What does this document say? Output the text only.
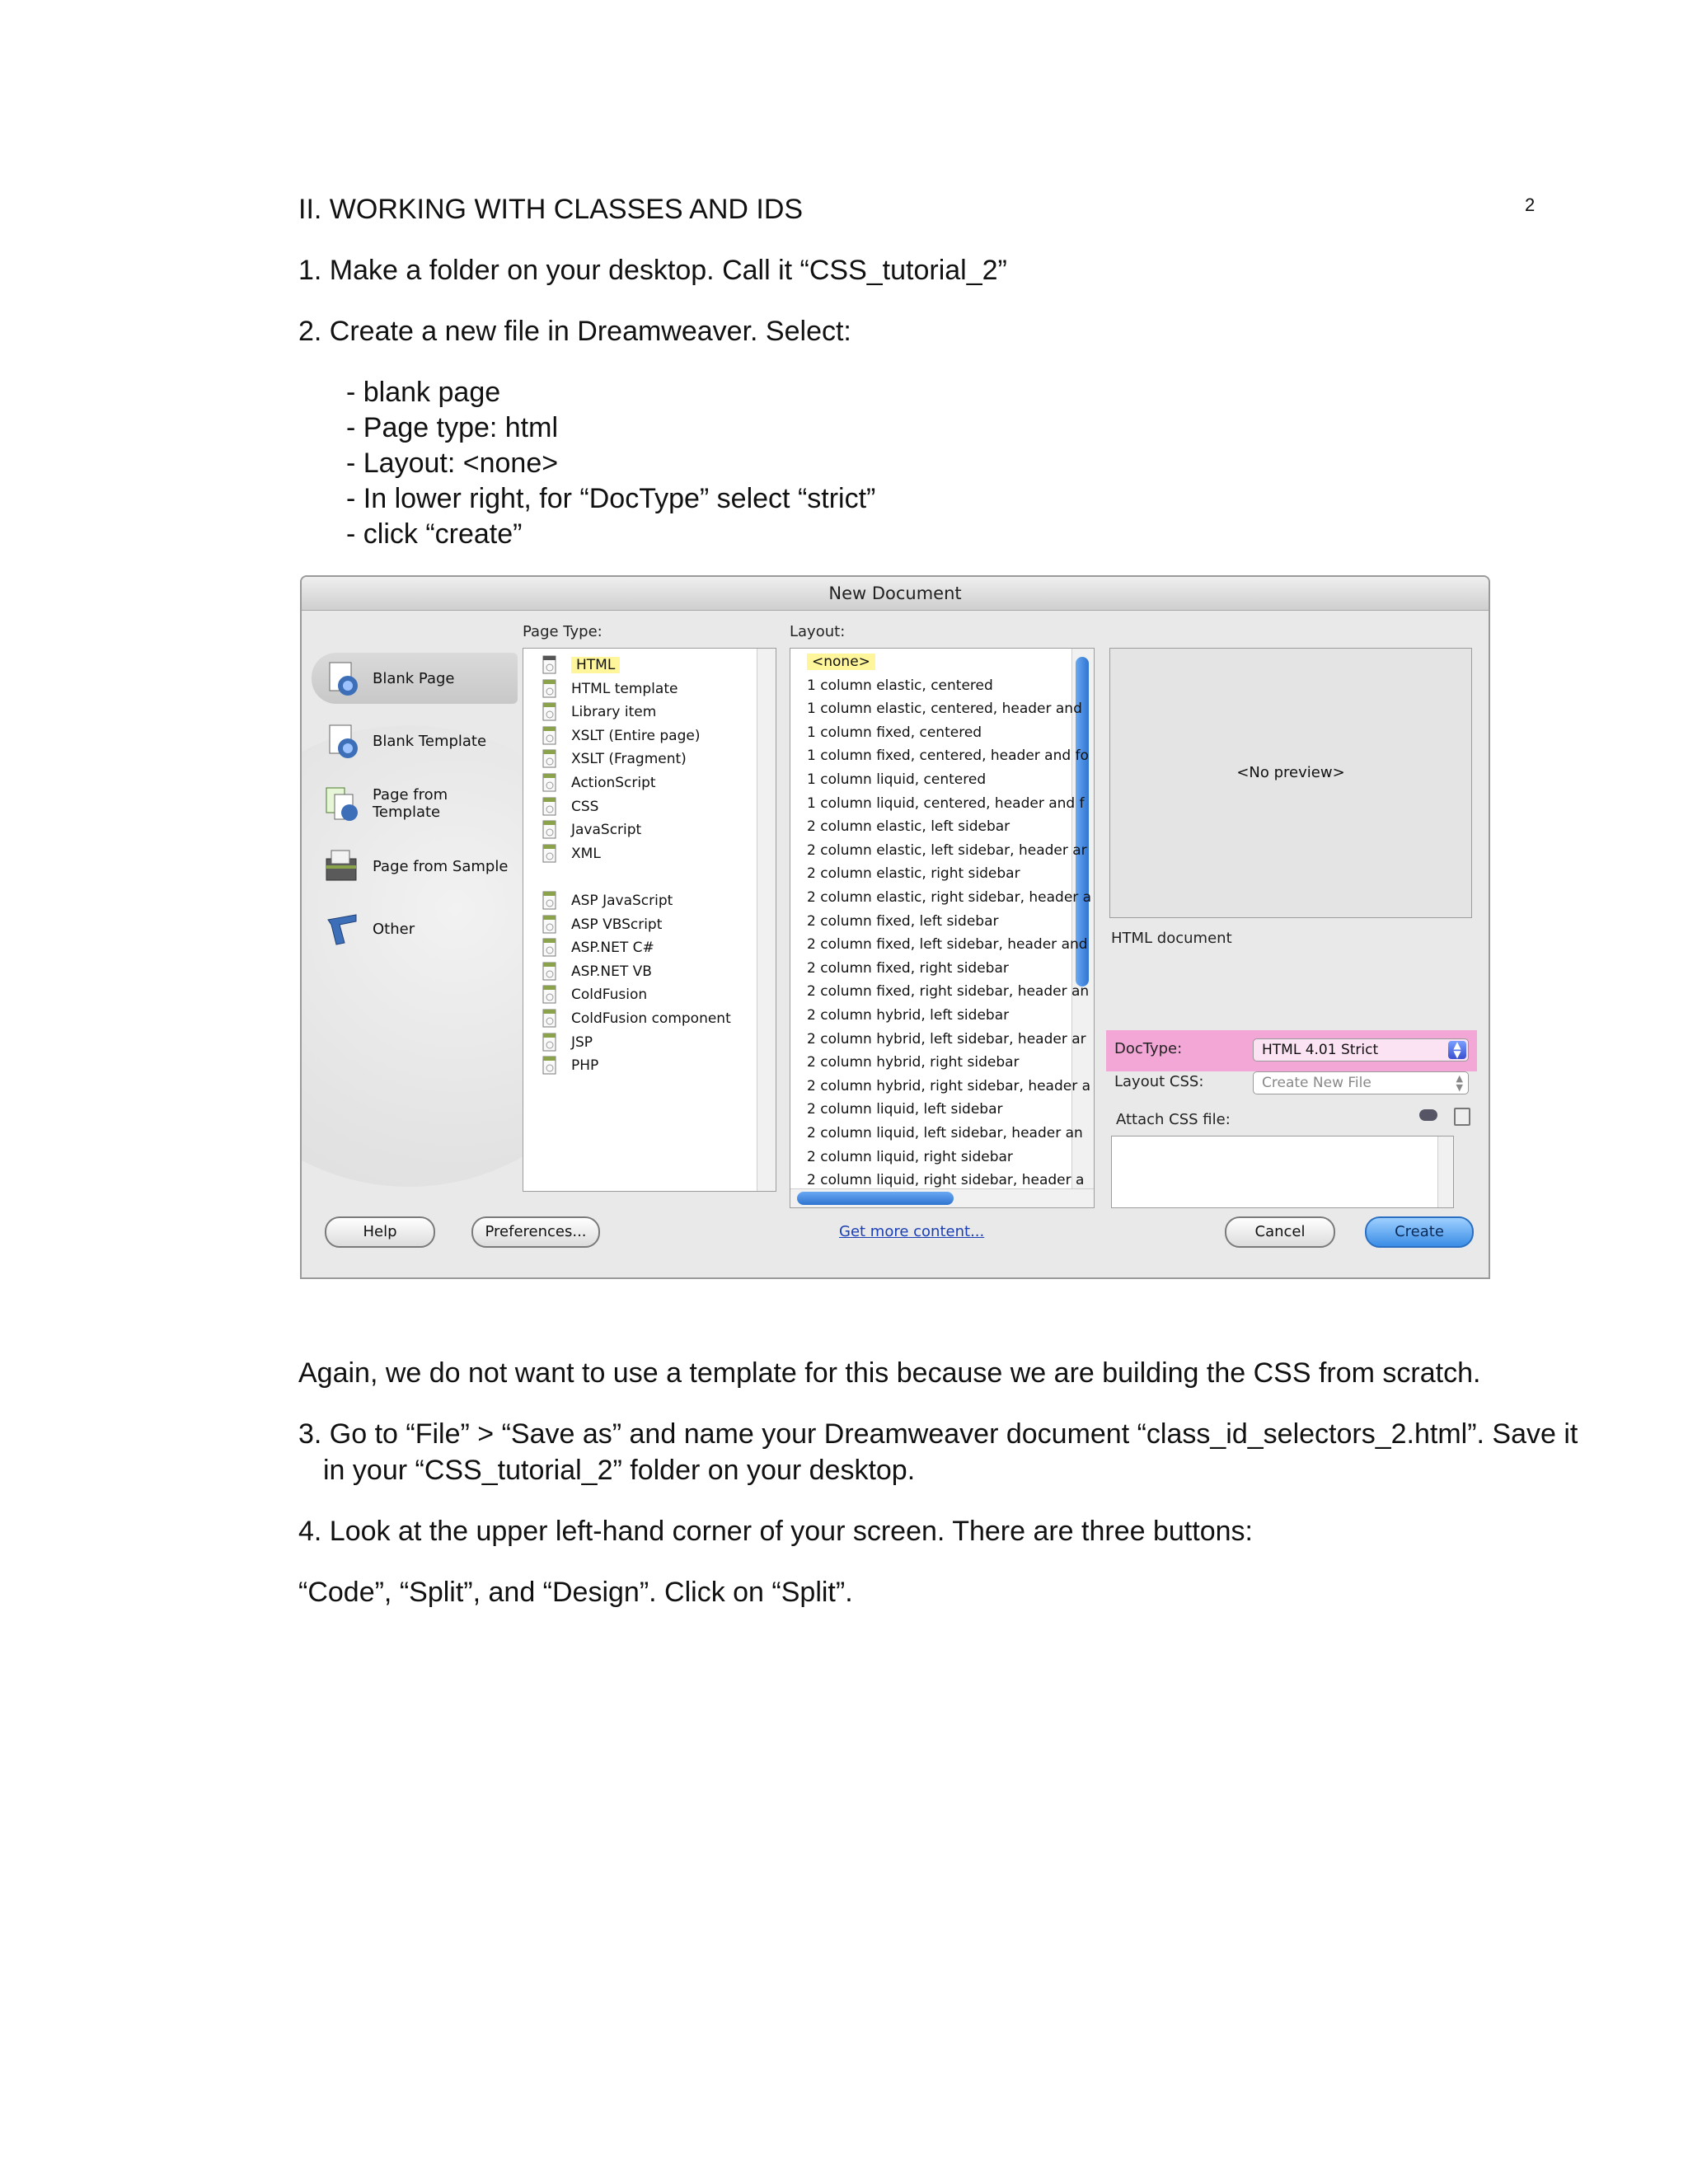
II. WORKING WITH CLASSES AND IDS	2
1. Make a folder on your desktop. Call it “CSS_tutorial_2”
2. Create a new file in Dreamweaver. Select:
- blank page
- Page type: html
- Layout: <none>
- In lower right, for “DocType” select “strict”
- click “create”
New Document
Blank Page
Blank Template
Page from Template
Page from Sample
Other
Page Type:
HTML
HTML template
Library item
XSLT (Entire page)
XSLT (Fragment)
ActionScript
CSS
JavaScript
XML
ASP JavaScript
ASP VBScript
ASP.NET C#
ASP.NET VB
ColdFusion
ColdFusion component
JSP
PHP
Layout:
<none>
1 column elastic, centered
1 column elastic, centered, header and
1 column fixed, centered
1 column fixed, centered, header and fo
1 column liquid, centered
1 column liquid, centered, header and f
2 column elastic, left sidebar
2 column elastic, left sidebar, header ar
2 column elastic, right sidebar
2 column elastic, right sidebar, header a
2 column fixed, left sidebar
2 column fixed, left sidebar, header and
2 column fixed, right sidebar
2 column fixed, right sidebar, header an
2 column hybrid, left sidebar
2 column hybrid, left sidebar, header ar
2 column hybrid, right sidebar
2 column hybrid, right sidebar, header a
2 column liquid, left sidebar
2 column liquid, left sidebar, header an
2 column liquid, right sidebar
2 column liquid, right sidebar, header a
<No preview>
HTML document
DocType:	HTML 4.01 Strict	▲
▼
Layout CSS:	Create New File	▲
▼
Attach CSS file:
Help	Preferences...	Get more content...	Cancel	Create
Again, we do not want to use a template for this because we are building the CSS from scratch.
3. Go to “File” > “Save as” and name your Dreamweaver document “class_id_selectors_2.html”. Save it
in your “CSS_tutorial_2” folder on your desktop.
4. Look at the upper left-hand corner of your screen. There are three buttons:
“Code”, “Split”, and “Design”. Click on “Split”.
